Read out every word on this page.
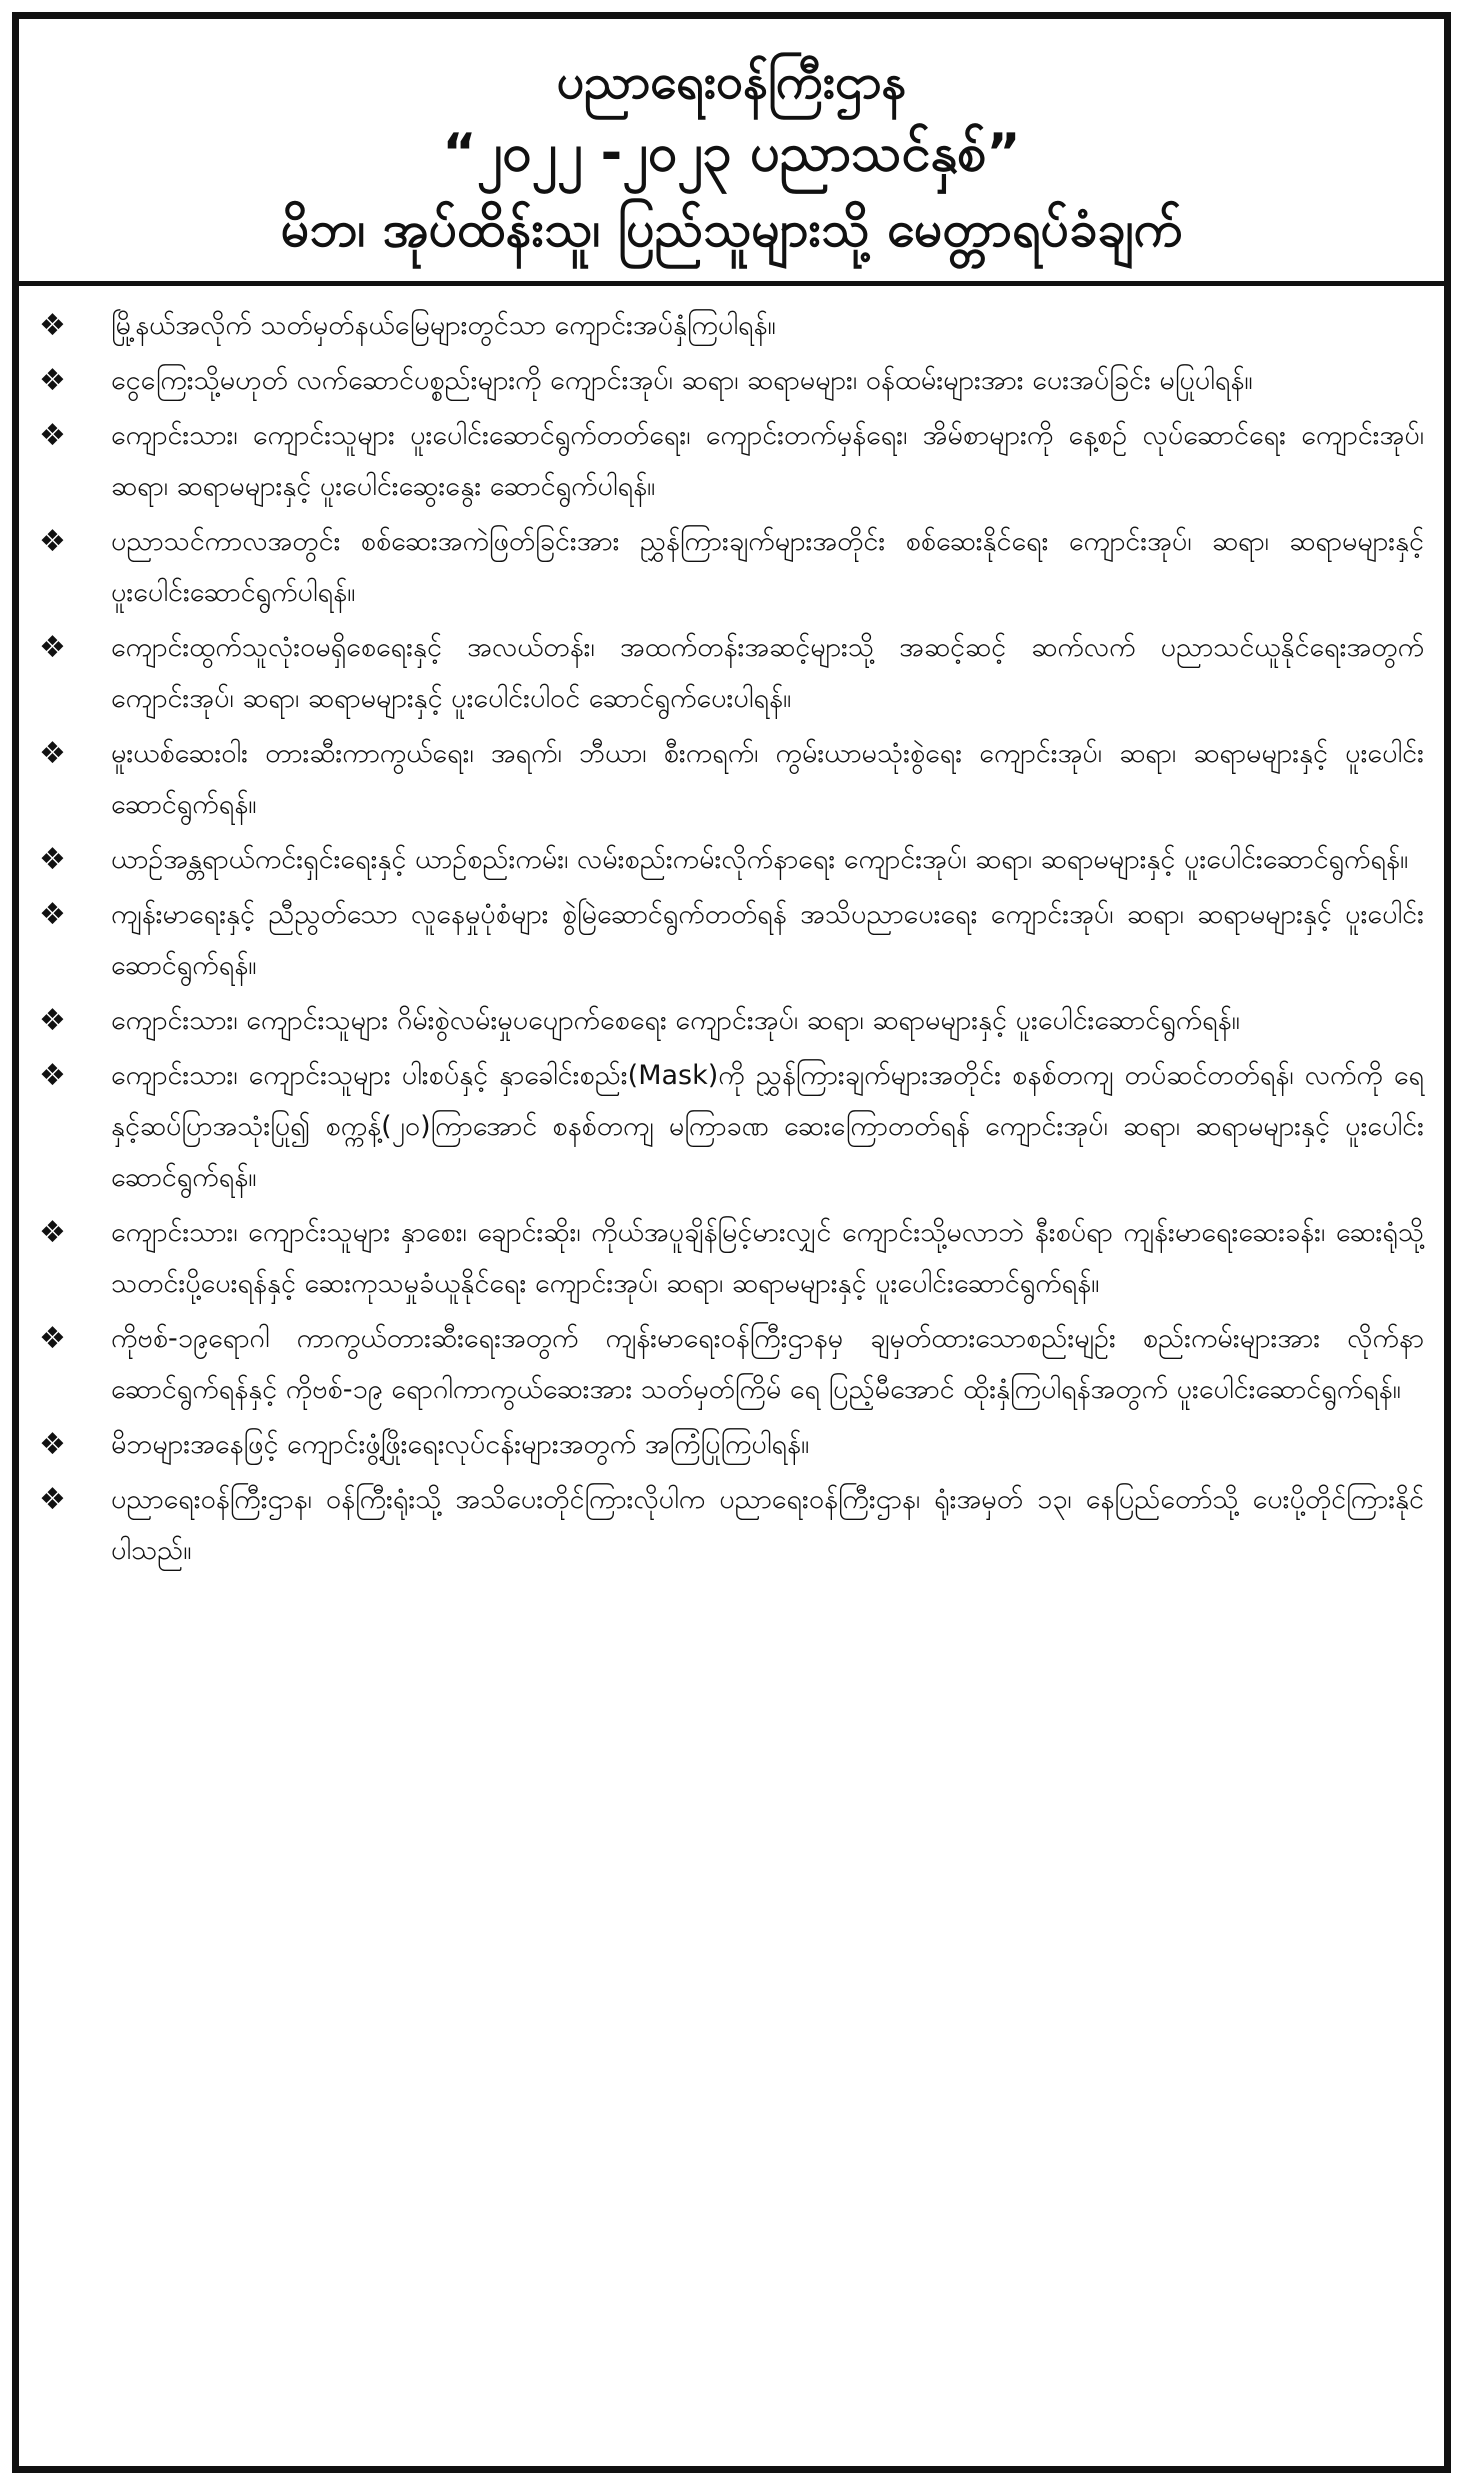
ပညာရေးဝန်ကြီးဌာန
“၂၀၂၂ -၂၀၂၃ ပညာသင်နှစ်”
မိဘ၊ အုပ်ထိန်းသူ၊ ပြည်သူများသို့ မေတ္တာရပ်ခံချက်
❖	မြို့နယ်အလိုက် သတ်မှတ်နယ်မြေများတွင်သာ ကျောင်းအပ်နှံကြပါရန်။
❖	ငွေကြေးသို့မဟုတ် လက်ဆောင်ပစ္စည်းများကို ကျောင်းအုပ်၊ ဆရာ၊ ဆရာမများ၊ ဝန်ထမ်းများအား ပေးအပ်ခြင်း မပြုပါရန်။
❖	ကျောင်းသား၊ ကျောင်းသူများ ပူးပေါင်းဆောင်ရွက်တတ်ရေး၊ ကျောင်းတက်မှန်ရေး၊ အိမ်စာများကို နေ့စဉ် လုပ်ဆောင်ရေး ကျောင်းအုပ်၊ ဆရာ၊ ဆရာမများနှင့် ပူးပေါင်းဆွေးနွေး ဆောင်ရွက်ပါရန်။
❖	ပညာသင်ကာလအတွင်း စစ်ဆေးအကဲဖြတ်ခြင်းအား ညွှန်ကြားချက်များအတိုင်း စစ်ဆေးနိုင်ရေး ကျောင်းအုပ်၊ ဆရာ၊ ဆရာမများနှင့် ပူးပေါင်းဆောင်ရွက်ပါရန်။
❖	ကျောင်းထွက်သူလုံးဝမရှိစေရေးနှင့် အလယ်တန်း၊ အထက်တန်းအဆင့်များသို့ အဆင့်ဆင့် ဆက်လက် ပညာသင်ယူနိုင်ရေးအတွက် ကျောင်းအုပ်၊ ဆရာ၊ ဆရာမများနှင့် ပူးပေါင်းပါဝင် ဆောင်ရွက်ပေးပါရန်။
❖	မူးယစ်ဆေးဝါး တားဆီးကာကွယ်ရေး၊ အရက်၊ ဘီယာ၊ စီးကရက်၊ ကွမ်းယာမသုံးစွဲရေး ကျောင်းအုပ်၊ ဆရာ၊ ဆရာမများနှင့် ပူးပေါင်းဆောင်ရွက်ရန်။
❖	ယာဉ်အန္တရာယ်ကင်းရှင်းရေးနှင့် ယာဉ်စည်းကမ်း၊ လမ်းစည်းကမ်းလိုက်နာရေး ကျောင်းအုပ်၊ ဆရာ၊ ဆရာမများနှင့် ပူးပေါင်းဆောင်ရွက်ရန်။
❖	ကျန်းမာရေးနှင့် ညီညွတ်သော လူနေမှုပုံစံများ စွဲမြဲဆောင်ရွက်တတ်ရန် အသိပညာပေးရေး ကျောင်းအုပ်၊ ဆရာ၊ ဆရာမများနှင့် ပူးပေါင်းဆောင်ရွက်ရန်။
❖	ကျောင်းသား၊ ကျောင်းသူများ ဂိမ်းစွဲလမ်းမှုပပျောက်စေရေး ကျောင်းအုပ်၊ ဆရာ၊ ဆရာမများနှင့် ပူးပေါင်းဆောင်ရွက်ရန်။
❖	ကျောင်းသား၊ ကျောင်းသူများ ပါးစပ်နှင့် နှာခေါင်းစည်း(Mask)ကို ညွှန်ကြားချက်များအတိုင်း စနစ်တကျ တပ်ဆင်တတ်ရန်၊ လက်ကို ရေနှင့်ဆပ်ပြာအသုံးပြု၍ စက္ကန့်(၂၀)ကြာအောင် စနစ်တကျ မကြာခဏ ဆေးကြောတတ်ရန် ကျောင်းအုပ်၊ ဆရာ၊ ဆရာမများနှင့် ပူးပေါင်းဆောင်ရွက်ရန်။
❖	ကျောင်းသား၊ ကျောင်းသူများ နှာစေး၊ ချောင်းဆိုး၊ ကိုယ်အပူချိန်မြင့်မားလျှင် ကျောင်းသို့မလာဘဲ နီးစပ်ရာ ကျန်းမာရေးဆေးခန်း၊ ဆေးရုံသို့ သတင်းပို့ပေးရန်နှင့် ဆေးကုသမှုခံယူနိုင်ရေး ကျောင်းအုပ်၊ ဆရာ၊ ဆရာမများနှင့် ပူးပေါင်းဆောင်ရွက်ရန်။
❖	ကိုဗစ်-၁၉ရောဂါ ကာကွယ်တားဆီးရေးအတွက် ကျန်းမာရေးဝန်ကြီးဌာနမှ ချမှတ်ထားသောစည်းမျဉ်း စည်းကမ်းများအား လိုက်နာဆောင်ရွက်ရန်နှင့် ကိုဗစ်-၁၉ ရောဂါကာကွယ်ဆေးအား သတ်မှတ်ကြိမ် ရေ ပြည့်မီအောင် ထိုးနှံကြပါရန်အတွက် ပူးပေါင်းဆောင်ရွက်ရန်။
❖	မိဘများအနေဖြင့် ကျောင်းဖွံ့ဖြိုးရေးလုပ်ငန်းများအတွက် အကြံပြုကြပါရန်။
❖	ပညာရေးဝန်ကြီးဌာန၊ ဝန်ကြီးရုံးသို့ အသိပေးတိုင်ကြားလိုပါက ပညာရေးဝန်ကြီးဌာန၊ ရုံးအမှတ် ၁၃၊ နေပြည်တော်သို့ ပေးပို့တိုင်ကြားနိုင်ပါသည်။
